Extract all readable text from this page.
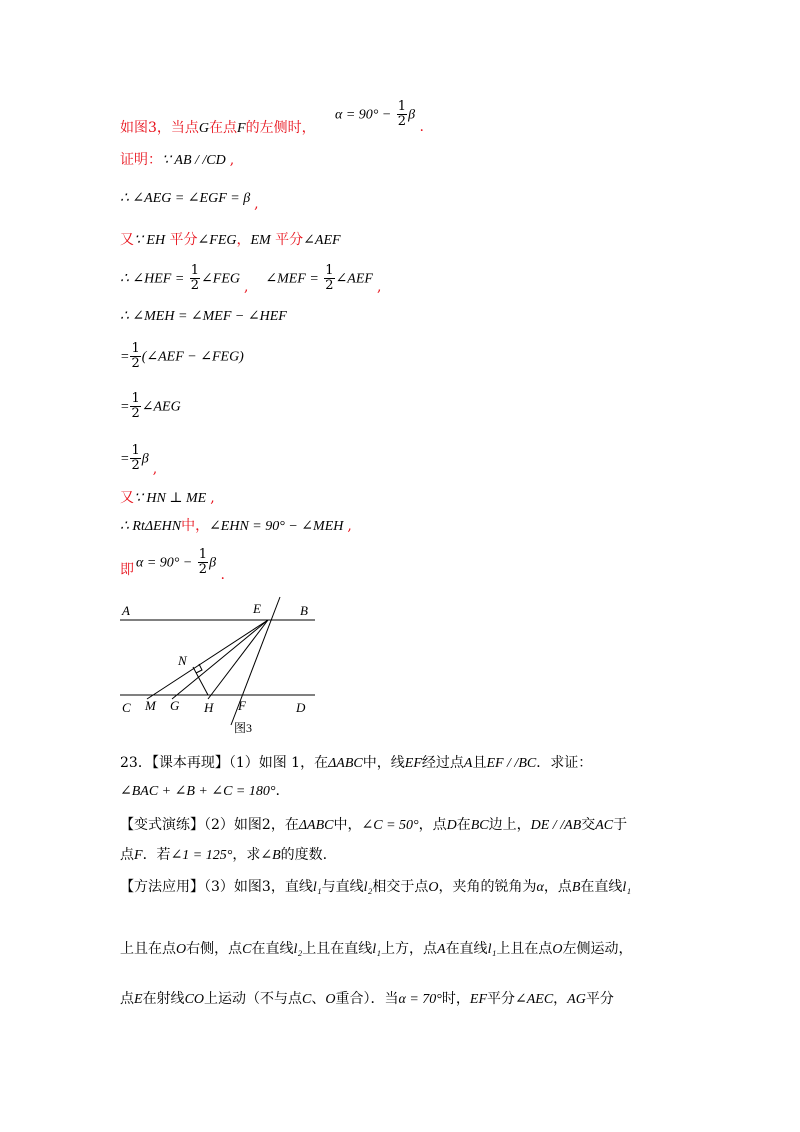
如图3，当点G在点F的左侧时，
$\alpha = 90^\circ - \frac{1}{2}$ β .
证明：∵ AB / /CD ,
∴ ∠AEG = ∠EGF = β ,
又∵ EH 平分∠FEG，EM 平分∠AEF
∴ ∠HEF = $\frac{1}{2}$ ∠FEG , ∠MEF = $\frac{1}{2}$ ∠AEF ,
∴ ∠MEH = ∠MEF − ∠HEF
= $\frac{1}{2}$ (∠AEF − ∠FEG)
= $\frac{1}{2}$ ∠AEG
= $\frac{1}{2} \beta$,
又∵ HN ⊥ ME ,
∴ RtΔEHN中，∠EHN = 90° − ∠MEH ,
即 $\alpha = 90^\circ - \frac{1}{2}$ β .
A	E	B
N
C M G H F	D
图3
23．【课本再现】（1）如图 1，在ΔABC中，线EF经过点A且EF / /BC．求证：
∠BAC + ∠B + ∠C = 180°.
【变式演练】（2）如图2，在ΔABC中，∠C = 50°，点D在BC边上，DE / /AB交AC于
点F．若∠1 = 125°，求∠B的度数.
【方法应用】（3）如图3，直线l₁与直线l₂相交于点O，夹角的锐角为α，点B在直线l₁
上且在点O右侧，点C在直线l₂上且在直线l₁上方，点A在直线l₁上且在点O左侧运动，
点E在射线CO上运动（不与点C、O重合）．当α = 70°时，EF平分∠AEC，AG平分
